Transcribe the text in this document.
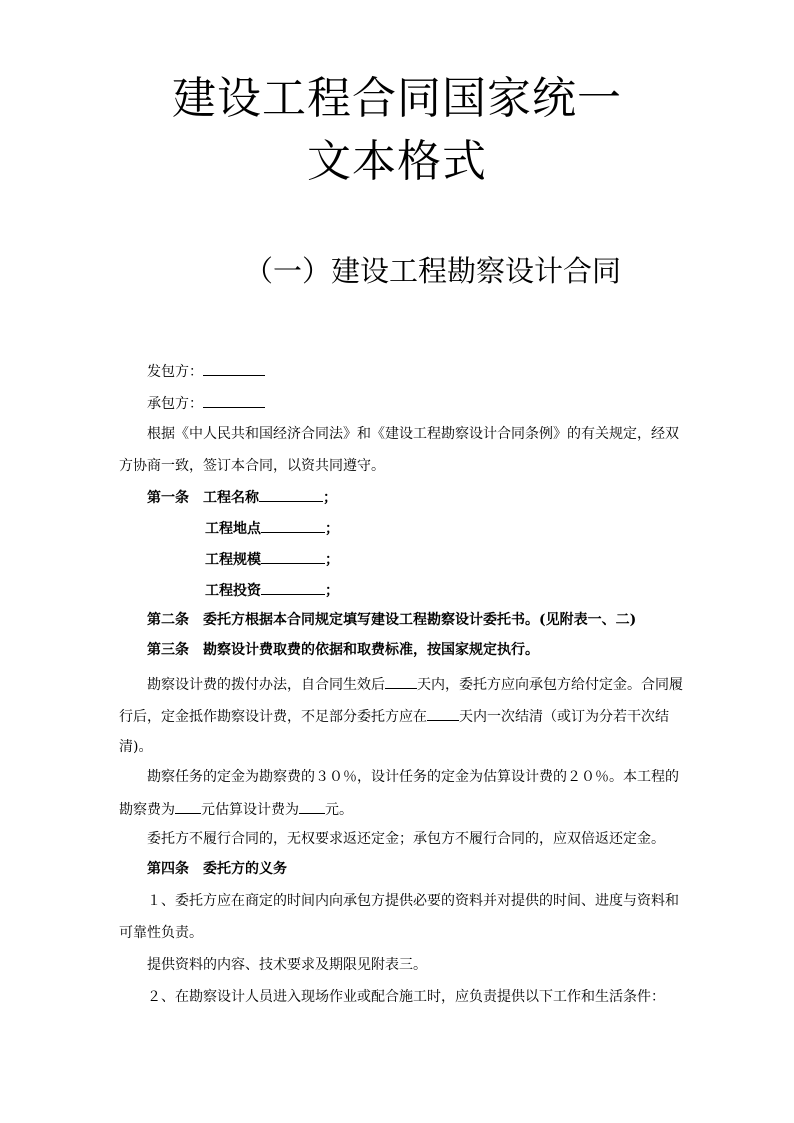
建设工程合同国家统一
文本格式
（一）建设工程勘察设计合同
发包方：
承包方：
根据《中人民共和国经济合同法》和《建设工程勘察设计合同条例》的有关规定，经双
方协商一致，签订本合同，以资共同遵守。
第一条 工程名称	；
工程地点	；
工程规模	；
工程投资	；
第二条 委托方根据本合同规定填写建设工程勘察设计委托书。(见附表一、二)
第三条 勘察设计费取费的依据和取费标准，按国家规定执行。
勘察设计费的拨付办法，自合同生效后 天内，委托方应向承包方给付定金。合同履
行后，定金抵作勘察设计费，不足部分委托方应在 天内一次结清（或订为分若干次结
清)。
勘察任务的定金为勘察费的３０％，设计任务的定金为估算设计费的２０％。本工程的
勘察费为 元估算设计费为 元。
委托方不履行合同的，无权要求返还定金；承包方不履行合同的，应双倍返还定金。
第四条　委托方的义务
１、委托方应在商定的时间内向承包方提供必要的资料并对提供的时间、进度与资料和
可靠性负责。
提供资料的内容、技术要求及期限见附表三。
２、在勘察设计人员进入现场作业或配合施工时，应负责提供以下工作和生活条件：
